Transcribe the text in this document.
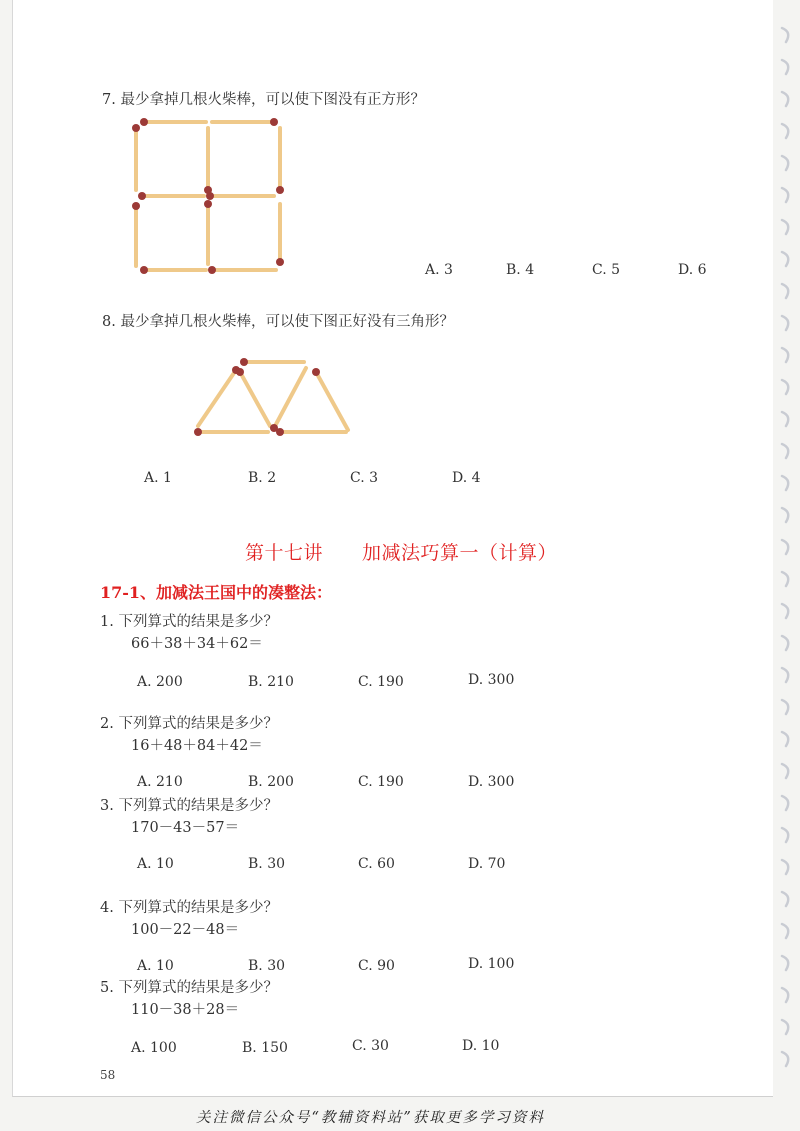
7. 最少拿掉几根火柴棒，可以使下图没有正方形？
A. 3	B. 4	C. 5	D. 6
8. 最少拿掉几根火柴棒，可以使下图正好没有三角形？
A. 1	B. 2	C. 3	D. 4
第十七讲　　加减法巧算一（计算）
17-1、加减法王国中的凑整法：
1. 下列算式的结果是多少？
66＋38＋34＋62＝
A. 200	B. 210	C. 190	D. 300
2. 下列算式的结果是多少？
16＋48＋84＋42＝
A. 210	B. 200	C. 190	D. 300
3. 下列算式的结果是多少？
170－43－57＝
A. 10	B. 30	C. 60	D. 70
4. 下列算式的结果是多少？
100－22－48＝
A. 10	B. 30	C. 90	D. 100
5. 下列算式的结果是多少？
110－38＋28＝
A. 100	B. 150	C. 30	D. 10
58
关注微信公众号“教辅资料站”获取更多学习资料
